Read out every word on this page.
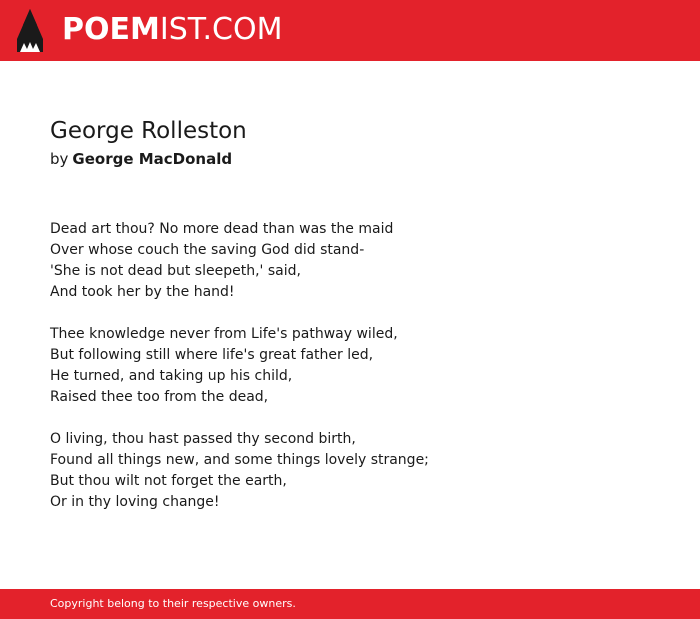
POEMIST.COM
George Rolleston
by George MacDonald
Dead art thou? No more dead than was the maid
Over whose couch the saving God did stand-
'She is not dead but sleepeth,' said,
And took her by the hand!
Thee knowledge never from Life's pathway wiled,
But following still where life's great father led,
He turned, and taking up his child,
Raised thee too from the dead,
O living, thou hast passed thy second birth,
Found all things new, and some things lovely strange;
But thou wilt not forget the earth,
Or in thy loving change!
Copyright belong to their respective owners.
